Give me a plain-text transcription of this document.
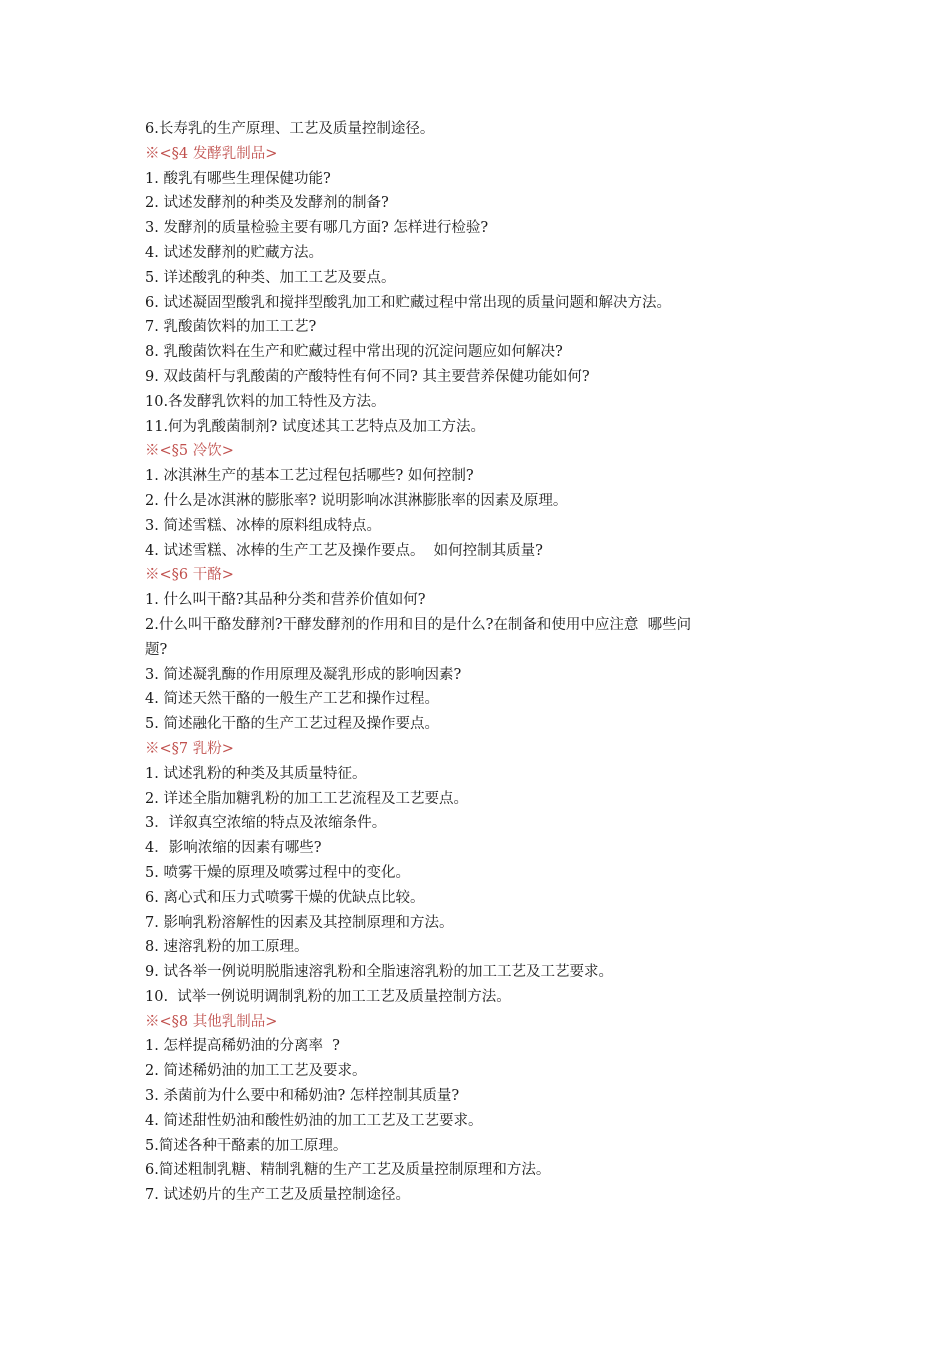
6.长寿乳的生产原理、工艺及质量控制途径。
※<§4 发酵乳制品>
1. 酸乳有哪些生理保健功能?
2. 试述发酵剂的种类及发酵剂的制备?
3. 发酵剂的质量检验主要有哪几方面? 怎样进行检验?
4. 试述发酵剂的贮藏方法。
5. 详述酸乳的种类、加工工艺及要点。
6. 试述凝固型酸乳和搅拌型酸乳加工和贮藏过程中常出现的质量问题和解决方法。
7. 乳酸菌饮料的加工工艺?
8. 乳酸菌饮料在生产和贮藏过程中常出现的沉淀问题应如何解决?
9. 双歧菌杆与乳酸菌的产酸特性有何不同? 其主要营养保健功能如何?
10.各发酵乳饮料的加工特性及方法。
11.何为乳酸菌制剂? 试度述其工艺特点及加工方法。
※<§5 冷饮>
1. 冰淇淋生产的基本工艺过程包括哪些? 如何控制?
2. 什么是冰淇淋的膨胀率? 说明影响冰淇淋膨胀率的因素及原理。
3. 简述雪糕、冰棒的原料组成特点。
4. 试述雪糕、冰棒的生产工艺及操作要点。  如何控制其质量?
※<§6 干酪>
1. 什么叫干酪?其品种分类和营养价值如何?
2.什么叫干酪发酵剂?干酵发酵剂的作用和目的是什么?在制备和使用中应注意  哪些问
题?
3. 简述凝乳酶的作用原理及凝乳形成的影响因素?
4. 简述天然干酪的一般生产工艺和操作过程。
5. 简述融化干酪的生产工艺过程及操作要点。
※<§7 乳粉>
1. 试述乳粉的种类及其质量特征。
2. 详述全脂加糖乳粉的加工工艺流程及工艺要点。
3．详叙真空浓缩的特点及浓缩条件。
4．影响浓缩的因素有哪些?
5. 喷雾干燥的原理及喷雾过程中的变化。
6. 离心式和压力式喷雾干燥的优缺点比较。
7. 影响乳粉溶解性的因素及其控制原理和方法。
8. 速溶乳粉的加工原理。
9. 试各举一例说明脱脂速溶乳粉和全脂速溶乳粉的加工工艺及工艺要求。
10.  试举一例说明调制乳粉的加工工艺及质量控制方法。
※<§8 其他乳制品>
1. 怎样提高稀奶油的分离率  ?
2. 简述稀奶油的加工工艺及要求。
3. 杀菌前为什么要中和稀奶油? 怎样控制其质量?
4. 简述甜性奶油和酸性奶油的加工工艺及工艺要求。
5.简述各种干酪素的加工原理。
6.简述粗制乳糖、精制乳糖的生产工艺及质量控制原理和方法。
7. 试述奶片的生产工艺及质量控制途径。
